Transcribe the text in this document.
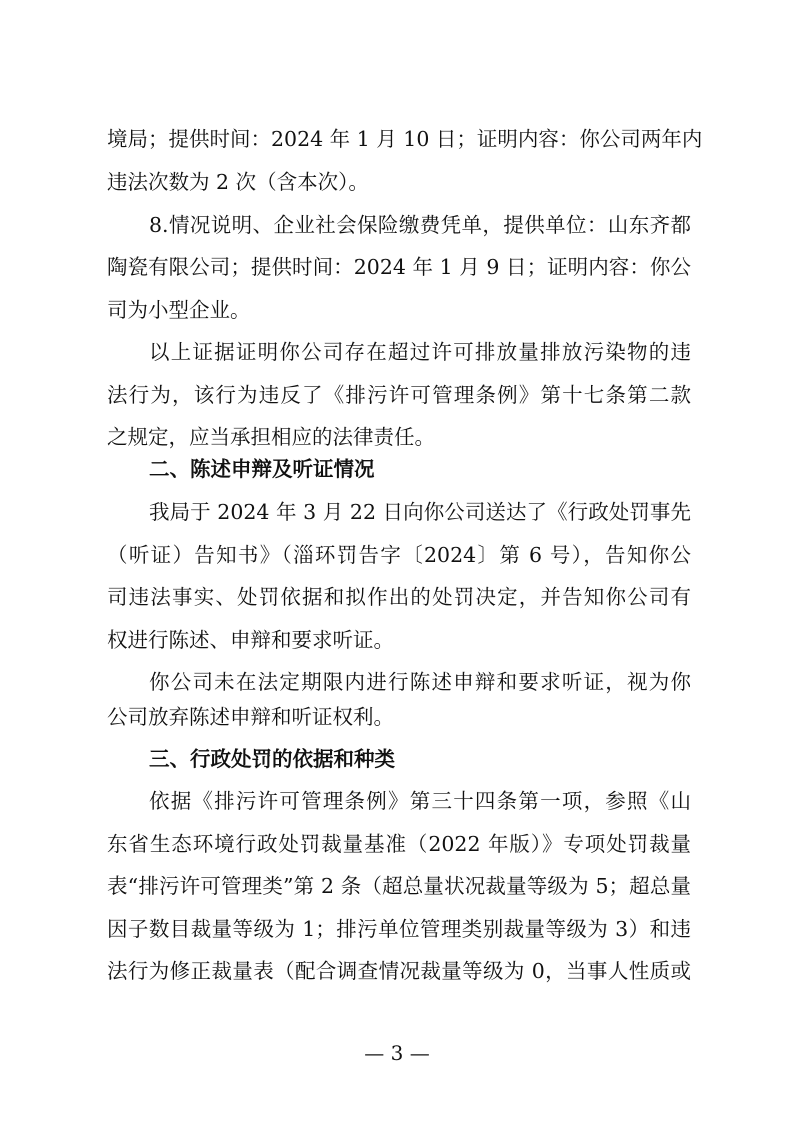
境局；提供时间：2024 年 1 月 10 日；证明内容：你公司两年内
违法次数为 2 次（含本次）。
8.情况说明、企业社会保险缴费凭单，提供单位：山东齐都
陶瓷有限公司；提供时间：2024 年 1 月 9 日；证明内容：你公
司为小型企业。
以上证据证明你公司存在超过许可排放量排放污染物的违
法行为，该行为违反了《排污许可管理条例》第十七条第二款
之规定，应当承担相应的法律责任。
二、陈述申辩及听证情况
我局于 2024 年 3 月 22 日向你公司送达了《行政处罚事先
（听证）告知书》（淄环罚告字〔2024〕第 6 号），告知你公
司违法事实、处罚依据和拟作出的处罚决定，并告知你公司有
权进行陈述、申辩和要求听证。
你公司未在法定期限内进行陈述申辩和要求听证，视为你
公司放弃陈述申辩和听证权利。
三、行政处罚的依据和种类
依据《排污许可管理条例》第三十四条第一项，参照《山
东省生态环境行政处罚裁量基准（2022 年版）》专项处罚裁量
表“排污许可管理类”第 2 条（超总量状况裁量等级为 5；超总量
因子数目裁量等级为 1；排污单位管理类别裁量等级为 3）和违
法行为修正裁量表（配合调查情况裁量等级为 0，当事人性质或
— 3 —
